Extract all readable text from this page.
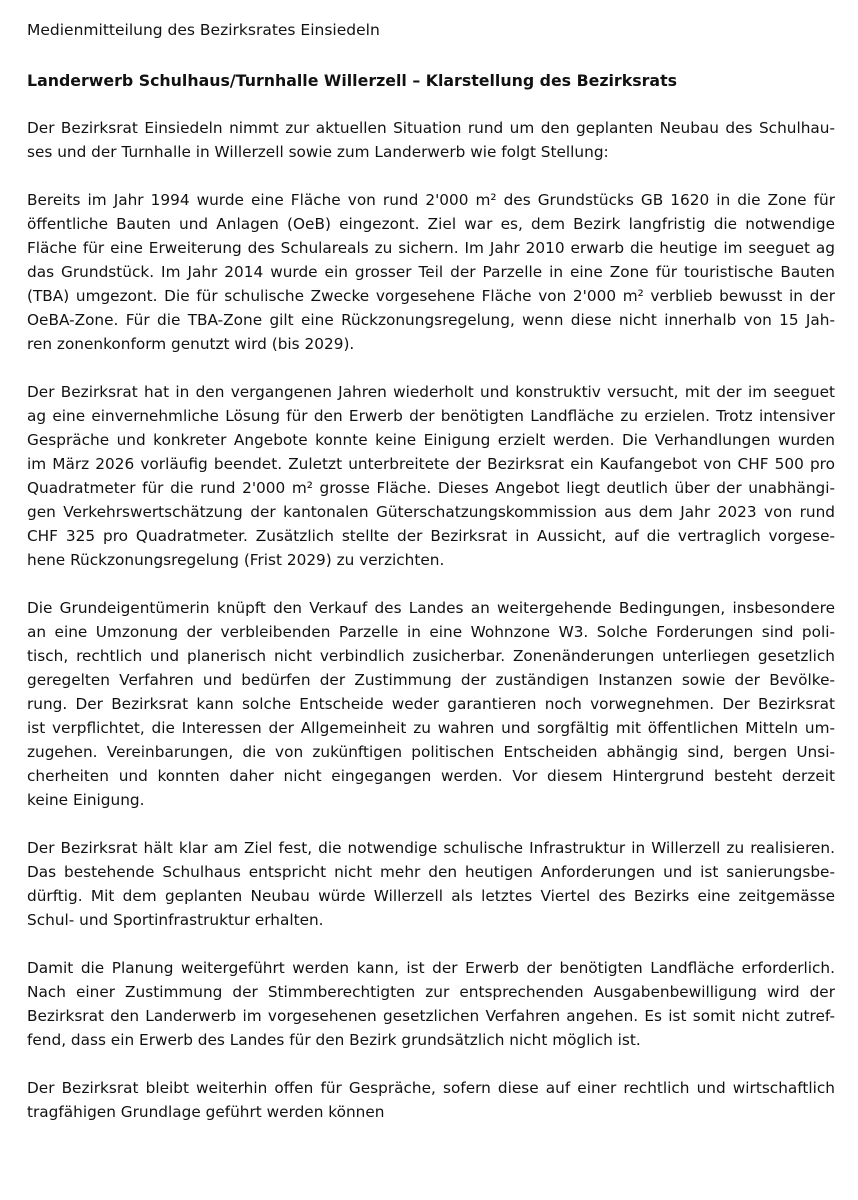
Medienmitteilung des Bezirksrates Einsiedeln
Landerwerb Schulhaus/Turnhalle Willerzell – Klarstellung des Bezirksrats
Der Bezirksrat Einsiedeln nimmt zur aktuellen Situation rund um den geplanten Neubau des Schulhau-
ses und der Turnhalle in Willerzell sowie zum Landerwerb wie folgt Stellung:
Bereits im Jahr 1994 wurde eine Fläche von rund 2'000 m² des Grundstücks GB 1620 in die Zone für
öffentliche Bauten und Anlagen (OeB) eingezont. Ziel war es, dem Bezirk langfristig die notwendige
Fläche für eine Erweiterung des Schulareals zu sichern. Im Jahr 2010 erwarb die heutige im seeguet ag
das Grundstück. Im Jahr 2014 wurde ein grosser Teil der Parzelle in eine Zone für touristische Bauten
(TBA) umgezont. Die für schulische Zwecke vorgesehene Fläche von 2'000 m² verblieb bewusst in der
OeBA-Zone. Für die TBA-Zone gilt eine Rückzonungsregelung, wenn diese nicht innerhalb von 15 Jah-
ren zonenkonform genutzt wird (bis 2029).
Der Bezirksrat hat in den vergangenen Jahren wiederholt und konstruktiv versucht, mit der im seeguet
ag eine einvernehmliche Lösung für den Erwerb der benötigten Landfläche zu erzielen. Trotz intensiver
Gespräche und konkreter Angebote konnte keine Einigung erzielt werden. Die Verhandlungen wurden
im März 2026 vorläufig beendet. Zuletzt unterbreitete der Bezirksrat ein Kaufangebot von CHF 500 pro
Quadratmeter für die rund 2'000 m² grosse Fläche. Dieses Angebot liegt deutlich über der unabhängi-
gen Verkehrswertschätzung der kantonalen Güterschatzungskommission aus dem Jahr 2023 von rund
CHF 325 pro Quadratmeter. Zusätzlich stellte der Bezirksrat in Aussicht, auf die vertraglich vorgese-
hene Rückzonungsregelung (Frist 2029) zu verzichten.
Die Grundeigentümerin knüpft den Verkauf des Landes an weitergehende Bedingungen, insbesondere
an eine Umzonung der verbleibenden Parzelle in eine Wohnzone W3. Solche Forderungen sind poli-
tisch, rechtlich und planerisch nicht verbindlich zusicherbar. Zonenänderungen unterliegen gesetzlich
geregelten Verfahren und bedürfen der Zustimmung der zuständigen Instanzen sowie der Bevölke-
rung. Der Bezirksrat kann solche Entscheide weder garantieren noch vorwegnehmen. Der Bezirksrat
ist verpflichtet, die Interessen der Allgemeinheit zu wahren und sorgfältig mit öffentlichen Mitteln um-
zugehen. Vereinbarungen, die von zukünftigen politischen Entscheiden abhängig sind, bergen Unsi-
cherheiten und konnten daher nicht eingegangen werden. Vor diesem Hintergrund besteht derzeit
keine Einigung.
Der Bezirksrat hält klar am Ziel fest, die notwendige schulische Infrastruktur in Willerzell zu realisieren.
Das bestehende Schulhaus entspricht nicht mehr den heutigen Anforderungen und ist sanierungsbe-
dürftig. Mit dem geplanten Neubau würde Willerzell als letztes Viertel des Bezirks eine zeitgemässe
Schul- und Sportinfrastruktur erhalten.
Damit die Planung weitergeführt werden kann, ist der Erwerb der benötigten Landfläche erforderlich.
Nach einer Zustimmung der Stimmberechtigten zur entsprechenden Ausgabenbewilligung wird der
Bezirksrat den Landerwerb im vorgesehenen gesetzlichen Verfahren angehen. Es ist somit nicht zutref-
fend, dass ein Erwerb des Landes für den Bezirk grundsätzlich nicht möglich ist.
Der Bezirksrat bleibt weiterhin offen für Gespräche, sofern diese auf einer rechtlich und wirtschaftlich
tragfähigen Grundlage geführt werden können
